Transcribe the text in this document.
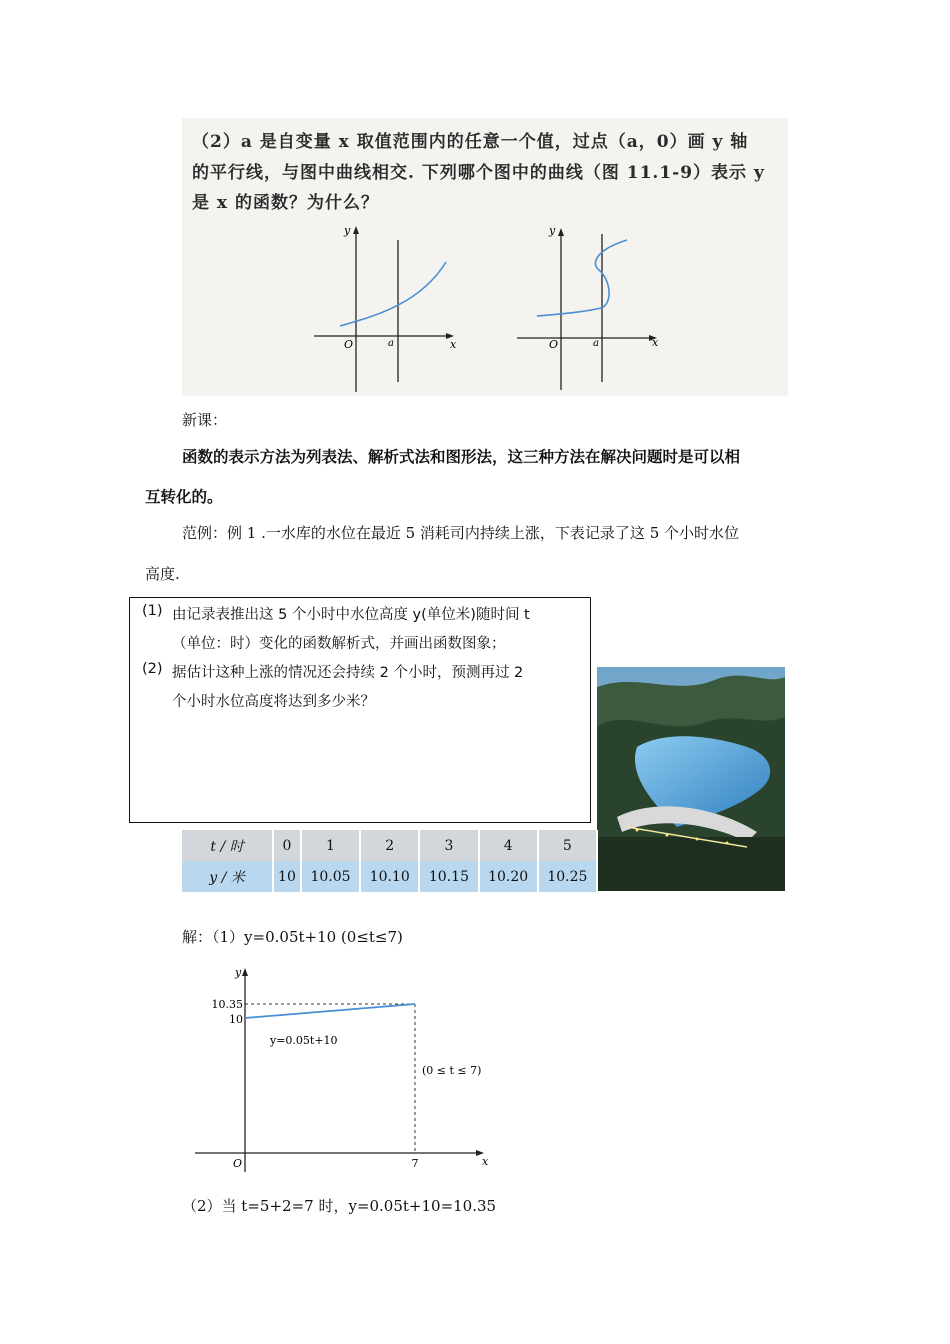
（2）a 是自变量 x 取值范围内的任意一个值，过点（a，0）画 y 轴
的平行线，与图中曲线相交. 下列哪个图中的曲线（图 11.1-9）表示 y
是 x 的函数？为什么？
y
x
O	a
y
x
O	a
新课：
函数的表示方法为列表法、解析式法和图形法，这三种方法在解决问题时是可以相
互转化的。
范例：例 1 .一水库的水位在最近 5 消耗司内持续上涨，下表记录了这 5 个小时水位
高度.
(1) 由记录表推出这 5 个小时中水位高度 y(单位米)随时间 t
（单位：时）变化的函数解析式，并画出函数图象；
(2) 据估计这种上涨的情况还会持续 2 个小时，预测再过 2
个小时水位高度将达到多少米？
t / 时	0	1	2	3	4	5
y / 米	10	10.05	10.10	10.15	10.20	10.25
解：（1）y=0.05t+10 (0≤t≤7)
y
x
10.35
10
O	7
y=0.05t+10
(0 ≤ t ≤ 7)
（2）当 t=5+2=7 时，y=0.05t+10=10.35
